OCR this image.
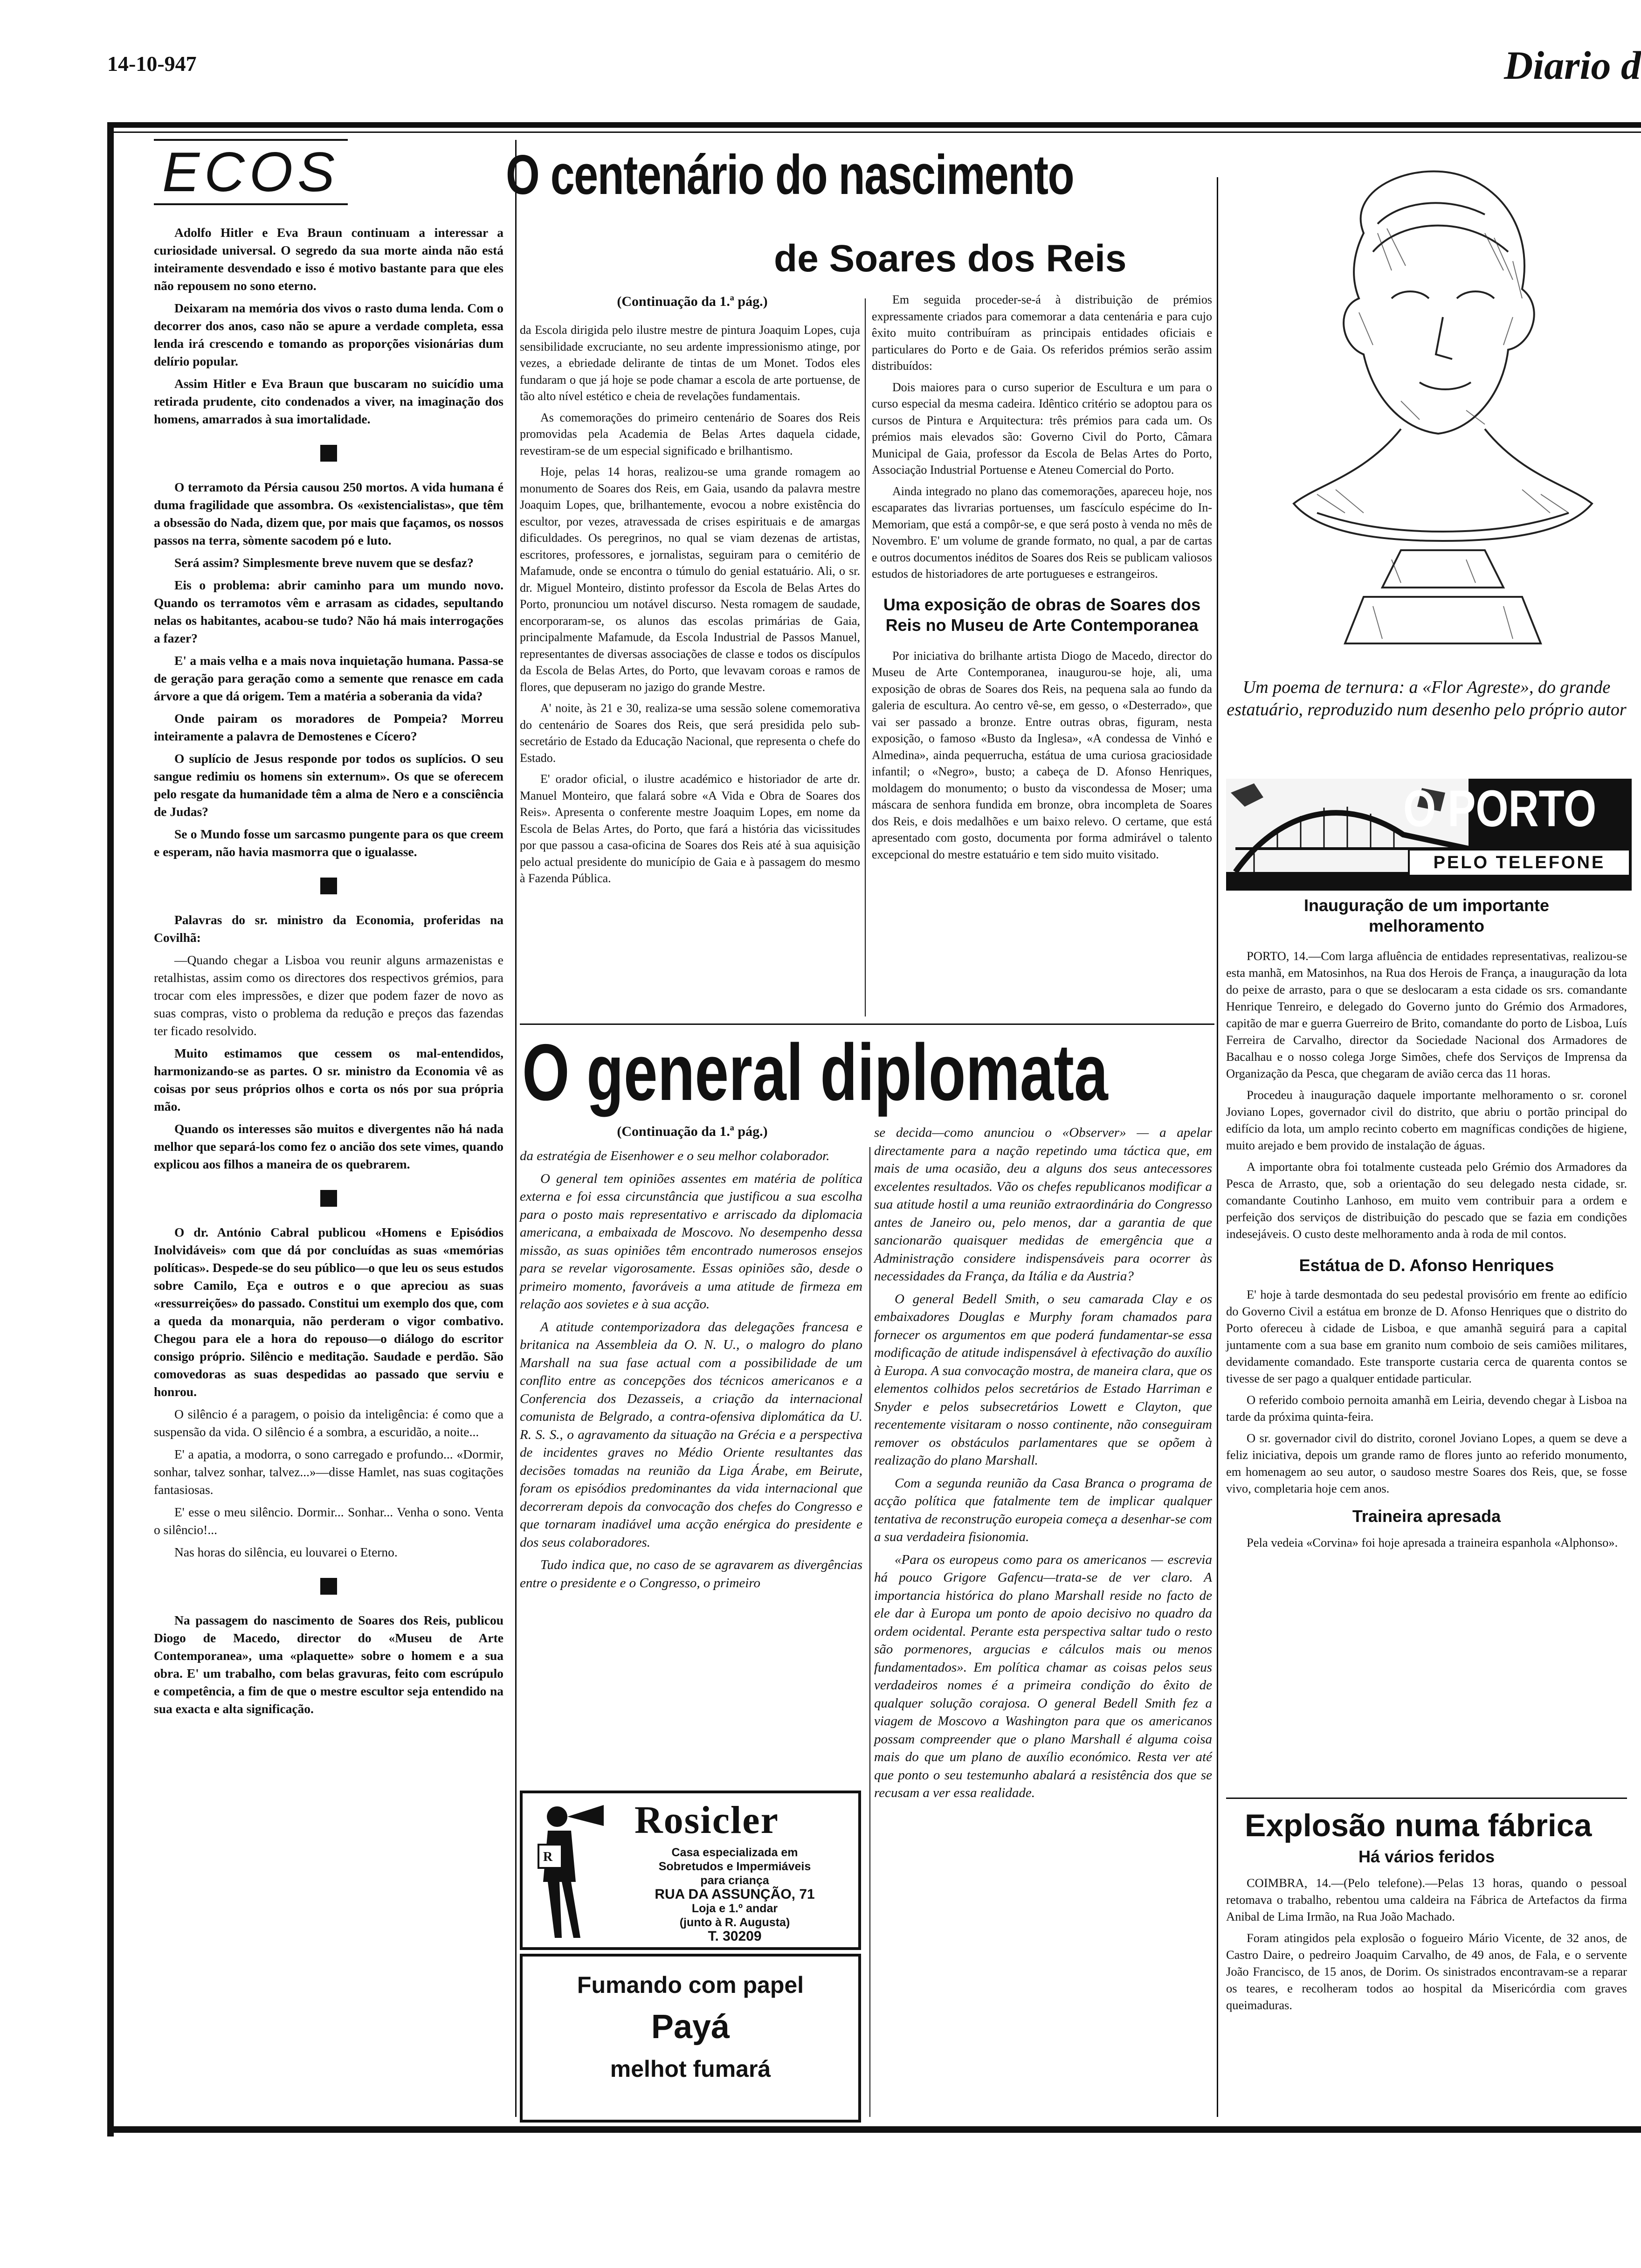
14-10-947	Diario d
ECOS

Adolfo Hitler e Eva Braun continuam a interessar a curiosidade universal. O segredo da sua morte ainda não está inteiramente desvendado e isso é motivo bastante para que eles não repousem no sono eterno.

Deixaram na memória dos vivos o rasto duma lenda. Com o decorrer dos anos, caso não se apure a verdade completa, essa lenda irá crescendo e tomando as proporções visionárias dum delírio popular.

Assim Hitler e Eva Braun que buscaram no suicídio uma retirada prudente, cito condenados a viver, na imaginação dos homens, amarrados à sua imortalidade.

O terramoto da Pérsia causou 250 mortos. A vida humana é duma fragilidade que assombra. Os «existencialistas», que têm a obsessão do Nada, dizem que, por mais que façamos, os nossos passos na terra, sòmente sacodem pó e luto.

Será assim? Simplesmente breve nuvem que se desfaz?

Eis o problema: abrir caminho para um mundo novo. Quando os terramotos vêm e arrasam as cidades, sepultando nelas os habitantes, acabou-se tudo? Não há mais interrogações a fazer?

E' a mais velha e a mais nova inquietação humana. Passa-se de geração para geração como a semente que renasce em cada árvore a que dá origem. Tem a matéria a soberania da vida?

Onde pairam os moradores de Pompeia? Morreu inteiramente a palavra de Demostenes e Cícero?

O suplício de Jesus responde por todos os suplícios. O seu sangue redimiu os homens sin externum». Os que se oferecem pelo resgate da humanidade têm a alma de Nero e a consciência de Judas?

Se o Mundo fosse um sarcasmo pungente para os que creem e esperam, não havia masmorra que o igualasse.

Palavras do sr. ministro da Economia, proferidas na Covilhã:

—Quando chegar a Lisboa vou reunir alguns armazenistas e retalhistas, assim como os directores dos respectivos grémios, para trocar com eles impressões, e dizer que podem fazer de novo as suas compras, visto o problema da redução e preços das fazendas ter ficado resolvido.

Muito estimamos que cessem os mal-entendidos, harmonizando-se as partes. O sr. ministro da Economia vê as coisas por seus próprios olhos e corta os nós por sua própria mão.

Quando os interesses são muitos e divergentes não há nada melhor que separá-los como fez o ancião dos sete vimes, quando explicou aos filhos a maneira de os quebrarem.

O dr. António Cabral publicou «Homens e Episódios Inolvidáveis» com que dá por concluídas as suas «memórias políticas». Despede-se do seu público—o que leu os seus estudos sobre Camilo, Eça e outros e o que apreciou as suas «ressurreições» do passado. Constitui um exemplo dos que, com a queda da monarquia, não perderam o vigor combativo. Chegou para ele a hora do repouso—o diálogo do escritor consigo próprio. Silêncio e meditação. Saudade e perdão. São comovedoras as suas despedidas ao passado que serviu e honrou.

O silêncio é a paragem, o poisio da inteligência: é como que a suspensão da vida. O silêncio é a sombra, a escuridão, a noite...

E' a apatia, a modorra, o sono carregado e profundo... «Dormir, sonhar, talvez sonhar, talvez...»—disse Hamlet, nas suas cogitações fantasiosas.

E' esse o meu silêncio. Dormir... Sonhar... Venha o sono. Venta o silêncio!...

Nas horas do silência, eu louvarei o Eterno.

Na passagem do nascimento de Soares dos Reis, publicou Diogo de Macedo, director do «Museu de Arte Contemporanea», uma «plaquette» sobre o homem e a sua obra. E' um trabalho, com belas gravuras, feito com escrúpulo e competência, a fim de que o mestre escultor seja entendido na sua exacta e alta significação.

O centenário do nascimento
de Soares dos Reis
(Continuação da 1.ª pág.)

da Escola dirigida pelo ilustre mestre de pintura Joaquim Lopes, cuja sensibilidade excruciante, no seu ardente impressionismo atinge, por vezes, a ebriedade delirante de tintas de um Monet. Todos eles fundaram o que já hoje se pode chamar a escola de arte portuense, de tão alto nível estético e cheia de revelações fundamentais.

As comemorações do primeiro centenário de Soares dos Reis promovidas pela Academia de Belas Artes daquela cidade, revestiram-se de um especial significado e brilhantismo.

Hoje, pelas 14 horas, realizou-se uma grande romagem ao monumento de Soares dos Reis, em Gaia, usando da palavra mestre Joaquim Lopes, que, brilhantemente, evocou a nobre existência do escultor, por vezes, atravessada de crises espirituais e de amargas dificuldades. Os peregrinos, no qual se viam dezenas de artistas, escritores, professores, e jornalistas, seguiram para o cemitério de Mafamude, onde se encontra o túmulo do genial estatuário. Ali, o sr. dr. Miguel Monteiro, distinto professor da Escola de Belas Artes do Porto, pronunciou um notável discurso. Nesta romagem de saudade, encorporaram-se, os alunos das escolas primárias de Gaia, principalmente Mafamude, da Escola Industrial de Passos Manuel, representantes de diversas associações de classe e todos os discípulos da Escola de Belas Artes, do Porto, que levavam coroas e ramos de flores, que depuseram no jazigo do grande Mestre.

A' noite, às 21 e 30, realiza-se uma sessão solene comemorativa do centenário de Soares dos Reis, que será presidida pelo sub-secretário de Estado da Educação Nacional, que representa o chefe do Estado.

E' orador oficial, o ilustre académico e historiador de arte dr. Manuel Monteiro, que falará sobre «A Vida e Obra de Soares dos Reis». Apresenta o conferente mestre Joaquim Lopes, em nome da Escola de Belas Artes, do Porto, que fará a história das vicissitudes por que passou a casa-oficina de Soares dos Reis até à sua aquisição pelo actual presidente do município de Gaia e à passagem do mesmo à Fazenda Pública.

Em seguida proceder-se-á à distribuição de prémios expressamente criados para comemorar a data centenária e para cujo êxito muito contribuíram as principais entidades oficiais e particulares do Porto e de Gaia. Os referidos prémios serão assim distribuídos:

Dois maiores para o curso superior de Escultura e um para o curso especial da mesma cadeira. Idêntico critério se adoptou para os cursos de Pintura e Arquitectura: três prémios para cada um. Os prémios mais elevados são: Governo Civil do Porto, Câmara Municipal de Gaia, professor da Escola de Belas Artes do Porto, Associação Industrial Portuense e Ateneu Comercial do Porto.

Ainda integrado no plano das comemorações, apareceu hoje, nos escaparates das livrarias portuenses, um fascículo espécime do In-Memoriam, que está a compôr-se, e que será posto à venda no mês de Novembro. E' um volume de grande formato, no qual, a par de cartas e outros documentos inéditos de Soares dos Reis se publicam valiosos estudos de historiadores de arte portugueses e estrangeiros.

Uma exposição de obras de Soares dos Reis no Museu de Arte Contemporanea

Por iniciativa do brilhante artista Diogo de Macedo, director do Museu de Arte Contemporanea, inaugurou-se hoje, ali, uma exposição de obras de Soares dos Reis, na pequena sala ao fundo da galeria de escultura. Ao centro vê-se, em gesso, o «Desterrado», que vai ser passado a bronze. Entre outras obras, figuram, nesta exposição, o famoso «Busto da Inglesa», «A condessa de Vinhó e Almedina», ainda pequerrucha, estátua de uma curiosa graciosidade infantil; o «Negro», busto; a cabeça de D. Afonso Henriques, moldagem do monumento; o busto da viscondessa de Moser; uma máscara de senhora fundida em bronze, obra incompleta de Soares dos Reis, e dois medalhões e um baixo relevo. O certame, que está apresentado com gosto, documenta por forma admirável o talento excepcional do mestre estatuário e tem sido muito visitado.

Um poema de ternura: a «Flor Agreste», do grande estatuário, reproduzido num desenho pelo próprio autor
O PORTO
PELO TELEFONE
Inauguração de um importante melhoramento

PORTO, 14.—Com larga afluência de entidades representativas, realizou-se esta manhã, em Matosinhos, na Rua dos Herois de França, a inauguração da lota do peixe de arrasto, para o que se deslocaram a esta cidade os srs. comandante Henrique Tenreiro, e delegado do Governo junto do Grémio dos Armadores, capitão de mar e guerra Guerreiro de Brito, comandante do porto de Lisboa, Luís Ferreira de Carvalho, director da Sociedade Nacional dos Armadores de Bacalhau e o nosso colega Jorge Simões, chefe dos Serviços de Imprensa da Organização da Pesca, que chegaram de avião cerca das 11 horas.

Procedeu à inauguração daquele importante melhoramento o sr. coronel Joviano Lopes, governador civil do distrito, que abriu o portão principal do edifício da lota, um amplo recinto coberto em magníficas condições de higiene, muito arejado e bem provido de instalação de águas.

A importante obra foi totalmente custeada pelo Grémio dos Armadores da Pesca de Arrasto, que, sob a orientação do seu delegado nesta cidade, sr. comandante Coutinho Lanhoso, em muito vem contribuir para a ordem e perfeição dos serviços de distribuição do pescado que se fazia em condições indesejáveis. O custo deste melhoramento anda à roda de mil contos.

Estátua de D. Afonso Henriques

E' hoje à tarde desmontada do seu pedestal provisório em frente ao edifício do Governo Civil a estátua em bronze de D. Afonso Henriques que o distrito do Porto ofereceu à cidade de Lisboa, e que amanhã seguirá para a capital juntamente com a sua base em granito num comboio de seis camiões militares, devidamente comandado. Este transporte custaria cerca de quarenta contos se tivesse de ser pago a qualquer entidade particular.

O referido comboio pernoita amanhã em Leiria, devendo chegar à Lisboa na tarde da próxima quinta-feira.

O sr. governador civil do distrito, coronel Joviano Lopes, a quem se deve a feliz iniciativa, depois um grande ramo de flores junto ao referido monumento, em homenagem ao seu autor, o saudoso mestre Soares dos Reis, que, se fosse vivo, completaria hoje cem anos.

Traineira apresada

Pela vedeia «Corvina» foi hoje apresada a traineira espanhola «Alphonso».

Explosão numa fábrica
Há vários feridos

COIMBRA, 14.—(Pelo telefone).—Pelas 13 horas, quando o pessoal retomava o trabalho, rebentou uma caldeira na Fábrica de Artefactos da firma Anibal de Lima Irmão, na Rua João Machado.

Foram atingidos pela explosão o fogueiro Mário Vicente, de 32 anos, de Castro Daire, o pedreiro Joaquim Carvalho, de 49 anos, de Fala, e o servente João Francisco, de 15 anos, de Dorim. Os sinistrados encontravam-se a reparar os teares, e recolheram todos ao hospital da Misericórdia com graves queimaduras.

O general diplomata
(Continuação da 1.ª pág.)

da estratégia de Eisenhower e o seu melhor colaborador.

O general tem opiniões assentes em matéria de política externa e foi essa circunstância que justificou a sua escolha para o posto mais representativo e arriscado da diplomacia americana, a embaixada de Moscovo. No desempenho dessa missão, as suas opiniões têm encontrado numerosos ensejos para se revelar vigorosamente. Essas opiniões são, desde o primeiro momento, favoráveis a uma atitude de firmeza em relação aos sovietes e à sua acção.

A atitude contemporizadora das delegações francesa e britanica na Assembleia da O. N. U., o malogro do plano Marshall na sua fase actual com a possibilidade de um conflito entre as concepções dos técnicos americanos e a Conferencia dos Dezasseis, a criação da internacional comunista de Belgrado, a contra-ofensiva diplomática da U. R. S. S., o agravamento da situação na Grécia e a perspectiva de incidentes graves no Médio Oriente resultantes das decisões tomadas na reunião da Liga Árabe, em Beirute, foram os episódios predominantes da vida internacional que decorreram depois da convocação dos chefes do Congresso e que tornaram inadiável uma acção enérgica do presidente e dos seus colaboradores.

Tudo indica que, no caso de se agravarem as divergências entre o presidente e o Congresso, o primeiro

se decida—como anunciou o «Observer» — a apelar directamente para a nação repetindo uma táctica que, em mais de uma ocasião, deu a alguns dos seus antecessores excelentes resultados. Vão os chefes republicanos modificar a sua atitude hostil a uma reunião extraordinária do Congresso antes de Janeiro ou, pelo menos, dar a garantia de que sancionarão quaisquer medidas de emergência que a Administração considere indispensáveis para ocorrer às necessidades da França, da Itália e da Austria?

O general Bedell Smith, o seu camarada Clay e os embaixadores Douglas e Murphy foram chamados para fornecer os argumentos em que poderá fundamentar-se essa modificação de atitude indispensável à efectivação do auxílio à Europa. A sua convocação mostra, de maneira clara, que os elementos colhidos pelos secretários de Estado Harriman e Snyder e pelos subsecretários Lowett e Clayton, que recentemente visitaram o nosso continente, não conseguiram remover os obstáculos parlamentares que se opõem à realização do plano Marshall.

Com a segunda reunião da Casa Branca o programa de acção política que fatalmente tem de implicar qualquer tentativa de reconstrução europeia começa a desenhar-se com a sua verdadeira fisionomia.

«Para os europeus como para os americanos — escrevia há pouco Grigore Gafencu—trata-se de ver claro. A importancia histórica do plano Marshall reside no facto de ele dar à Europa um ponto de apoio decisivo no quadro da ordem ocidental. Perante esta perspectiva saltar tudo o resto são pormenores, argucias e cálculos mais ou menos fundamentados». Em política chamar as coisas pelos seus verdadeiros nomes é a primeira condição do êxito de qualquer solução corajosa. O general Bedell Smith fez a viagem de Moscovo a Washington para que os americanos possam compreender que o plano Marshall é alguma coisa mais do que um plano de auxílio económico. Resta ver até que ponto o seu testemunho abalará a resistência dos que se recusam a ver essa realidade.

R
Rosicler
Casa especializada em
Sobretudos e Impermiáveis
para criança
RUA DA ASSUNÇÃO, 71
Loja e 1.º andar
(junto à R. Augusta)
T. 30209
Fumando com papel
Payá
melhot fumará
